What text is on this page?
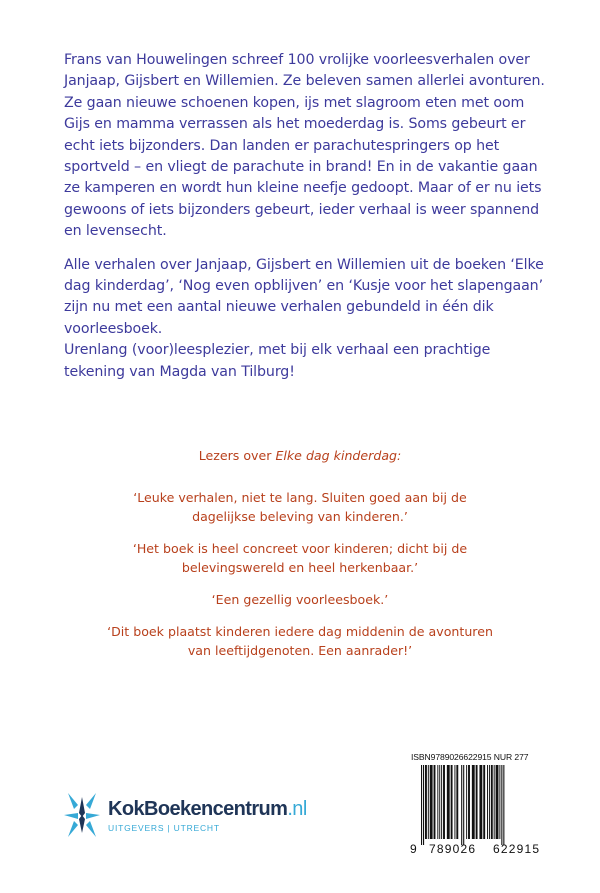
Frans van Houwelingen schreef 100 vrolijke voorleesverhalen over Janjaap, Gijsbert en Willemien. Ze beleven samen allerlei avonturen. Ze gaan nieuwe schoenen kopen, ijs met slagroom eten met oom Gijs en mamma verrassen als het moederdag is. Soms gebeurt er echt iets bijzonders. Dan landen er parachutespringers op het sportveld – en vliegt de parachute in brand! En in de vakantie gaan ze kamperen en wordt hun kleine neefje gedoopt. Maar of er nu iets gewoons of iets bijzonders gebeurt, ieder verhaal is weer spannend en levensecht.

Alle verhalen over Janjaap, Gijsbert en Willemien uit de boeken ‘Elke dag kinderdag’, ‘Nog even opblijven’ en ‘Kusje voor het slapengaan’ zijn nu met een aantal nieuwe verhalen gebundeld in één dik voorleesboek.
Urenlang (voor)leesplezier, met bij elk verhaal een prachtige tekening van Magda van Tilburg!

Lezers over Elke dag kinderdag:

‘Leuke verhalen, niet te lang. Sluiten goed aan bij de dagelijkse beleving van kinderen.’

‘Het boek is heel concreet voor kinderen; dicht bij de belevingswereld en heel herkenbaar.’

‘Een gezellig voorleesboek.’

‘Dit boek plaatst kinderen iedere dag middenin de avonturen van leeftijdgenoten. Een aanrader!’

KokBoekencentrum.nl
UITGEVERS | UTRECHT
ISBN9789026622915 NUR 277
9 789026 622915
